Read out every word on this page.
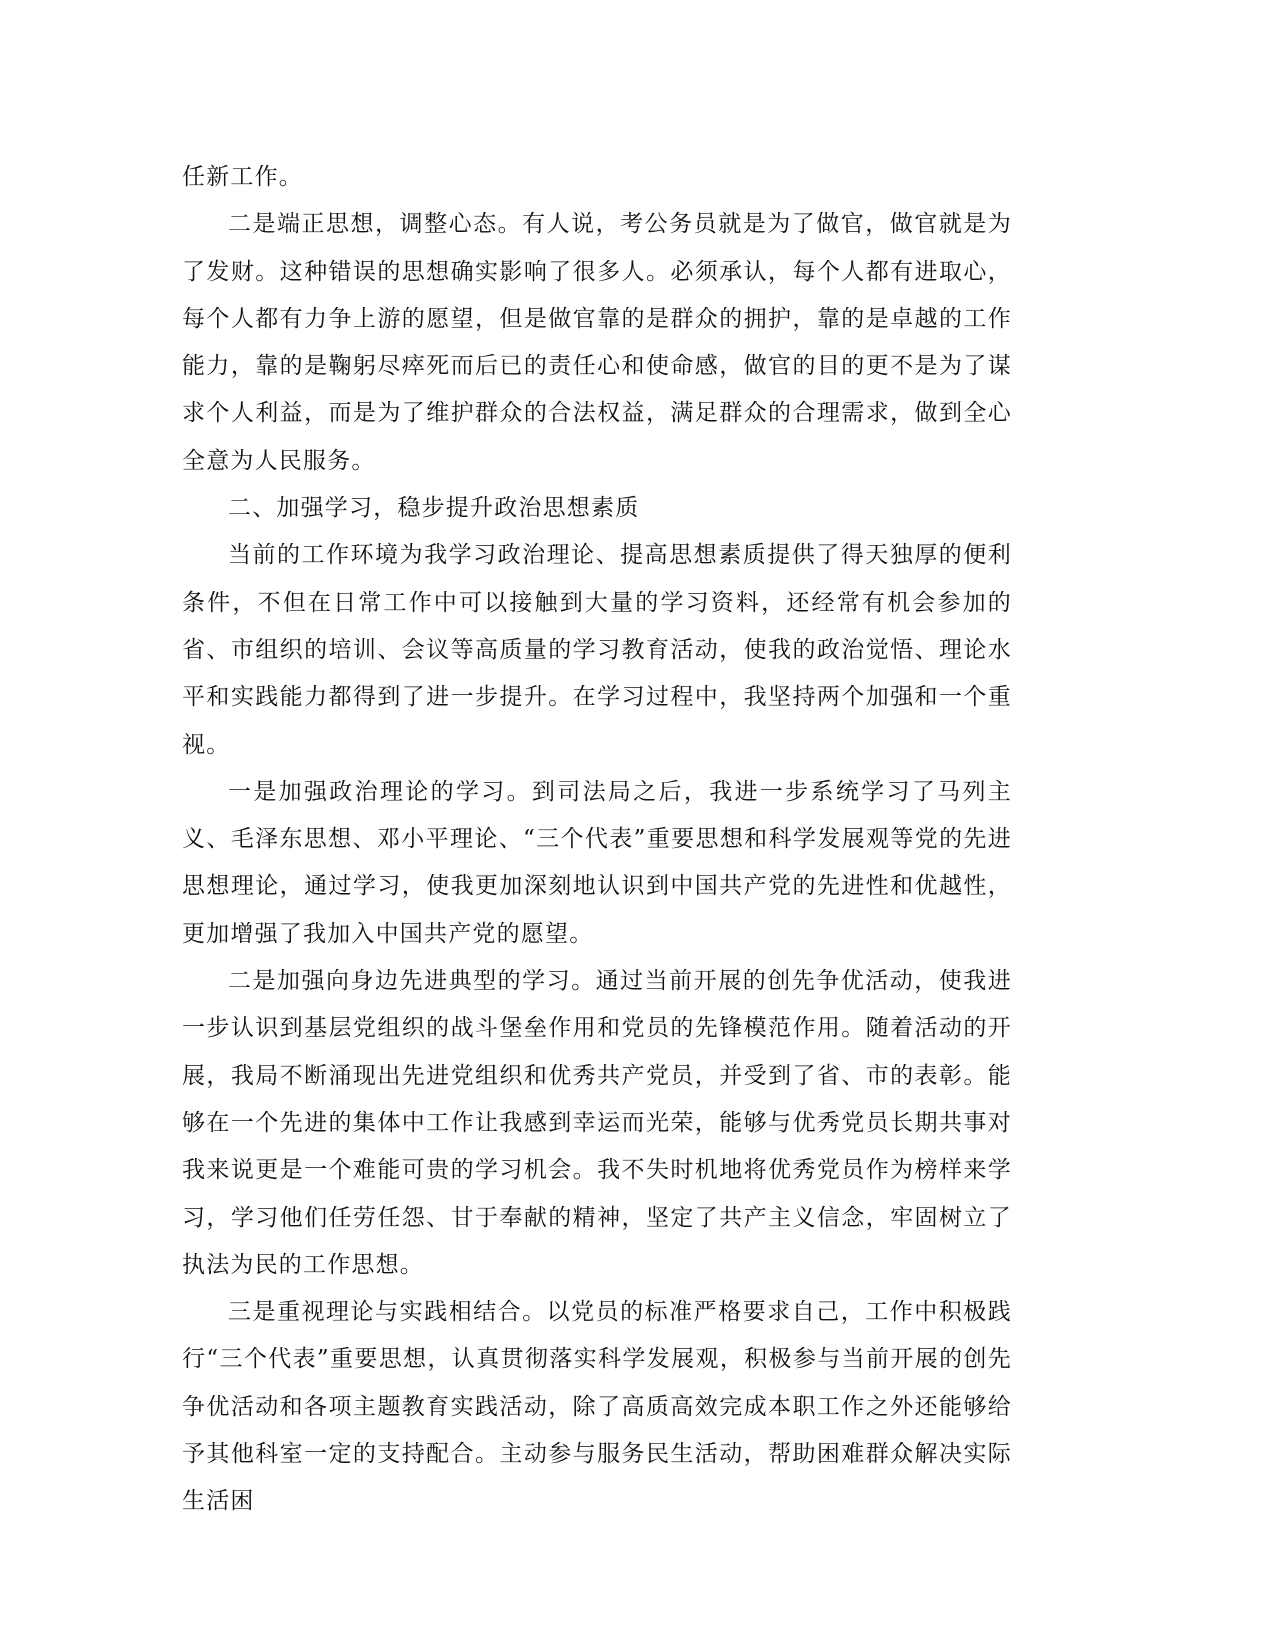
任新工作。

二是端正思想，调整心态。有人说，考公务员就是为了做官，做官就是为了发财。这种错误的思想确实影响了很多人。必须承认，每个人都有进取心，每个人都有力争上游的愿望，但是做官靠的是群众的拥护，靠的是卓越的工作能力，靠的是鞠躬尽瘁死而后已的责任心和使命感，做官的目的更不是为了谋求个人利益，而是为了维护群众的合法权益，满足群众的合理需求，做到全心全意为人民服务。

二、加强学习，稳步提升政治思想素质

当前的工作环境为我学习政治理论、提高思想素质提供了得天独厚的便利条件，不但在日常工作中可以接触到大量的学习资料，还经常有机会参加的省、市组织的培训、会议等高质量的学习教育活动，使我的政治觉悟、理论水平和实践能力都得到了进一步提升。在学习过程中，我坚持两个加强和一个重视。

一是加强政治理论的学习。到司法局之后，我进一步系统学习了马列主义、毛泽东思想、邓小平理论、“三个代表”重要思想和科学发展观等党的先进思想理论，通过学习，使我更加深刻地认识到中国共产党的先进性和优越性，更加增强了我加入中国共产党的愿望。

二是加强向身边先进典型的学习。通过当前开展的创先争优活动，使我进一步认识到基层党组织的战斗堡垒作用和党员的先锋模范作用。随着活动的开展，我局不断涌现出先进党组织和优秀共产党员，并受到了省、市的表彰。能够在一个先进的集体中工作让我感到幸运而光荣，能够与优秀党员长期共事对我来说更是一个难能可贵的学习机会。我不失时机地将优秀党员作为榜样来学习，学习他们任劳任怨、甘于奉献的精神，坚定了共产主义信念，牢固树立了执法为民的工作思想。

三是重视理论与实践相结合。以党员的标准严格要求自己，工作中积极践行“三个代表”重要思想，认真贯彻落实科学发展观，积极参与当前开展的创先争优活动和各项主题教育实践活动，除了高质高效完成本职工作之外还能够给予其他科室一定的支持配合。主动参与服务民生活动，帮助困难群众解决实际生活困
